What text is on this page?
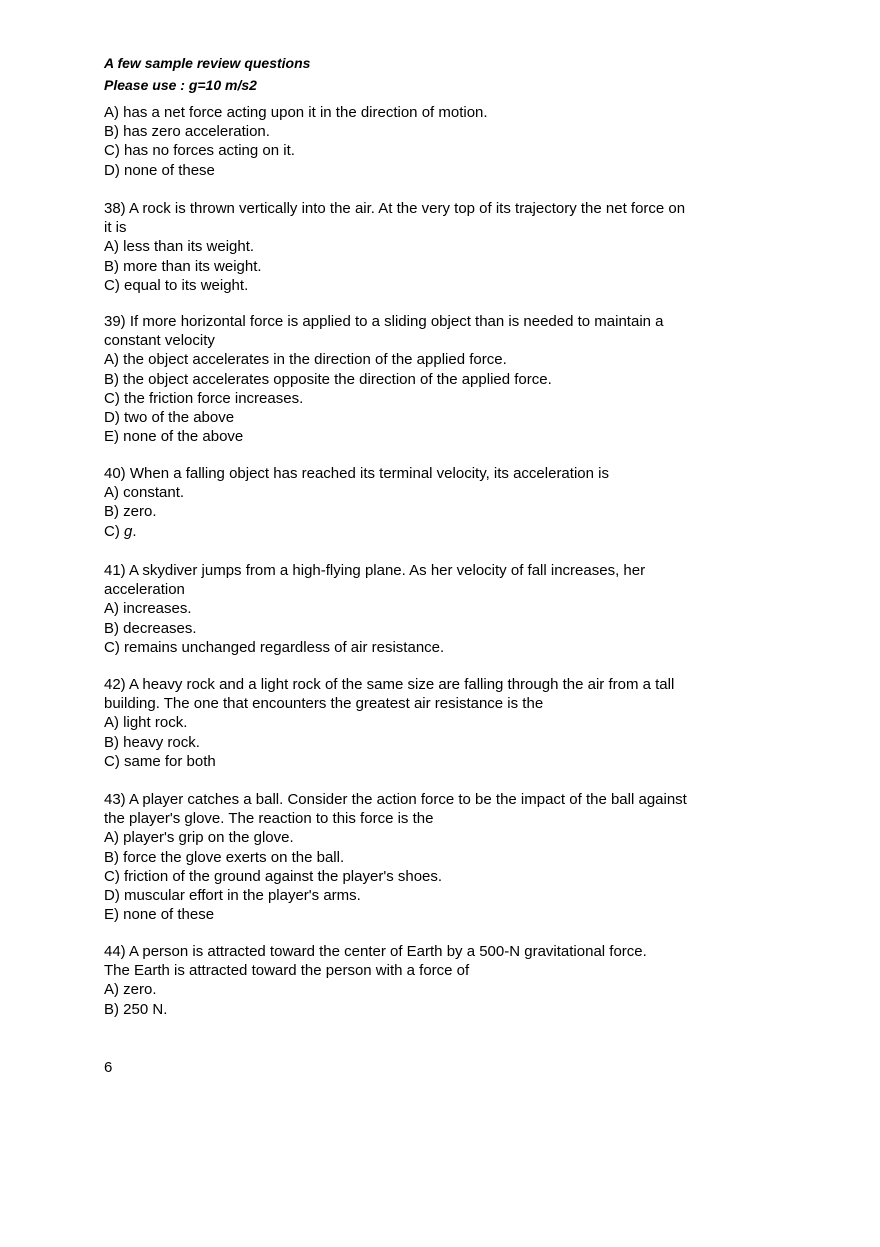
A few sample review questions
Please use : g=10 m/s2
A) has a net force acting upon it in the direction of motion.
B) has zero acceleration.
C) has no forces acting on it.
D) none of these
38) A rock is thrown vertically into the air. At the very top of its trajectory the net force on
it is
A) less than its weight.
B) more than its weight.
C) equal to its weight.
39) If more horizontal force is applied to a sliding object than is needed to maintain a
constant velocity
A) the object accelerates in the direction of the applied force.
B) the object accelerates opposite the direction of the applied force.
C) the friction force increases.
D) two of the above
E) none of the above
40) When a falling object has reached its terminal velocity, its acceleration is
A) constant.
B) zero.
C) g.
41) A skydiver jumps from a high-flying plane. As her velocity of fall increases, her
acceleration
A) increases.
B) decreases.
C) remains unchanged regardless of air resistance.
42) A heavy rock and a light rock of the same size are falling through the air from a tall
building. The one that encounters the greatest air resistance is the
A) light rock.
B) heavy rock.
C) same for both
43) A player catches a ball. Consider the action force to be the impact of the ball against
the player's glove. The reaction to this force is the
A) player's grip on the glove.
B) force the glove exerts on the ball.
C) friction of the ground against the player's shoes.
D) muscular effort in the player's arms.
E) none of these
44) A person is attracted toward the center of Earth by a 500-N gravitational force.
The Earth is attracted toward the person with a force of
A) zero.
B) 250 N.
6
